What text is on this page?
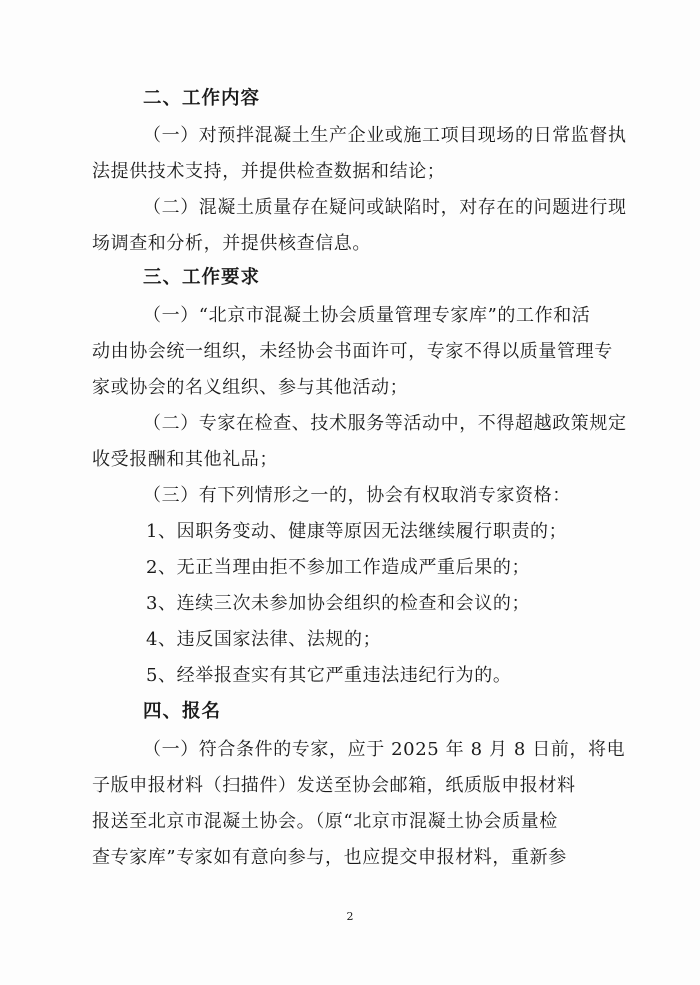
二、工作内容
（一）对预拌混凝土生产企业或施工项目现场的日常监督执
法提供技术支持，并提供检查数据和结论；
（二）混凝土质量存在疑问或缺陷时，对存在的问题进行现
场调查和分析，并提供核查信息。
三、工作要求
（一）“北京市混凝土协会质量管理专家库”的工作和活
动由协会统一组织，未经协会书面许可，专家不得以质量管理专
家或协会的名义组织、参与其他活动；
（二）专家在检查、技术服务等活动中，不得超越政策规定
收受报酬和其他礼品；
（三）有下列情形之一的，协会有权取消专家资格：
1、因职务变动、健康等原因无法继续履行职责的；
2、无正当理由拒不参加工作造成严重后果的；
3、连续三次未参加协会组织的检查和会议的；
4、违反国家法律、法规的；
5、经举报查实有其它严重违法违纪行为的。
四、报名
（一）符合条件的专家，应于 2025 年 8 月 8 日前，将电
子版申报材料（扫描件）发送至协会邮箱，纸质版申报材料
报送至北京市混凝土协会。（原“北京市混凝土协会质量检
查专家库”专家如有意向参与，也应提交申报材料，重新参
2
